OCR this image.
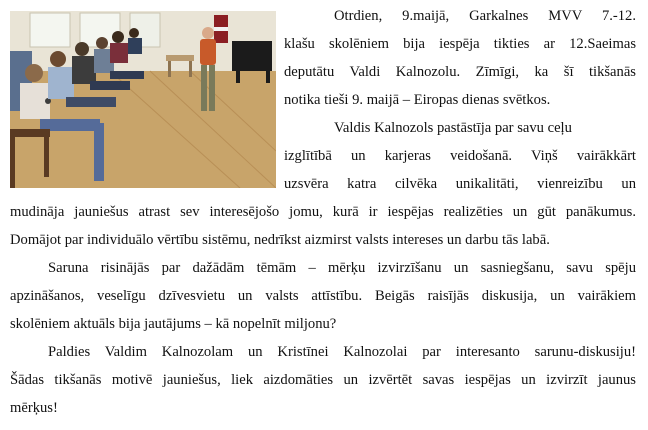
Otrdien, 9.maijā, Garkalnes MVV 7.-12.
klašu skolēniem bija iespēja tikties ar 12.Saeimas
deputātu Valdi Kalnozolu. Zīmīgi, ka šī tikšanās
notika tieši 9. maijā – Eiropas dienas svētkos.
Valdis Kalnozols pastāstīja par savu ceļu
izglītībā un karjeras veidošanā. Viņš vairākkārt
uzsvēra katra cilvēka unikalitāti, vienreizību un
mudināja jauniešus atrast sev interesējošo jomu, kurā ir iespējas realizēties un gūt panākumus.
Domājot par individuālo vērtību sistēmu, nedrīkst aizmirst valsts intereses un darbu tās labā.
Saruna risinājās par dažādām tēmām – mērķu izvirzīšanu un sasniegšanu, savu spēju
apzināšanos, veselīgu dzīvesvietu un valsts attīstību. Beigās raisījās diskusija, un vairākiem
skolēniem aktuāls bija jautājums – kā nopelnīt miljonu?
Paldies Valdim Kalnozolam un Kristīnei Kalnozolai par interesanto sarunu-diskusiju!
Šādas tikšanās motivē jauniešus, liek aizdomāties un izvērtēt savas iespējas un izvirzīt jaunus
mērķus!
